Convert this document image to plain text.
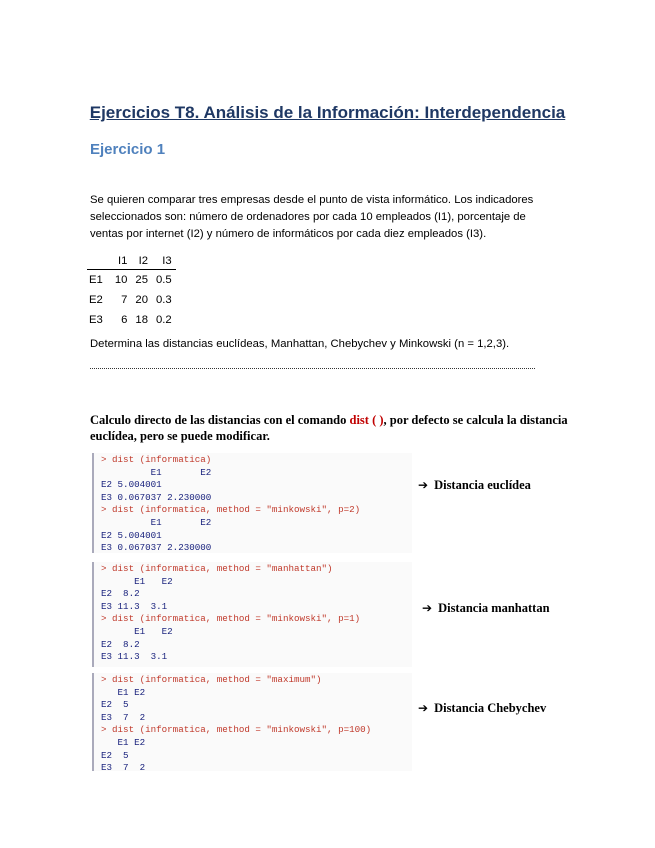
Ejercicios T8. Análisis de la Información: Interdependencia
Ejercicio 1
Se quieren comparar tres empresas desde el punto de vista informático. Los indicadores seleccionados son: número de ordenadores por cada 10 empleados (I1), porcentaje de ventas por internet (I2) y número de informáticos por cada diez empleados (I3).
	I1	I2	I3
E1	10	25	0.5
E2	7	20	0.3
E3	6	18	0.2
Determina las distancias euclídeas, Manhattan, Chebychev y Minkowski (n = 1,2,3).
Calculo directo de las distancias con el comando dist ( ), por defecto se calcula la distancia euclídea, pero se puede modificar.
> dist (informatica)
E1       E2
E2 5.004001
E3 0.067037 2.230000
> dist (informatica, method = "minkowski", p=2)
E1       E2
E2 5.004001
E3 0.067037 2.230000
➔ Distancia euclídea
> dist (informatica, method = "manhattan")
E1   E2
E2  8.2
E3 11.3  3.1
> dist (informatica, method = "minkowski", p=1)
E1   E2
E2  8.2
E3 11.3  3.1
➔ Distancia manhattan
> dist (informatica, method = "maximum")
E1 E2
E2  5
E3  7  2
> dist (informatica, method = "minkowski", p=100)
E1 E2
E2  5
E3  7  2
➔ Distancia Chebychev
